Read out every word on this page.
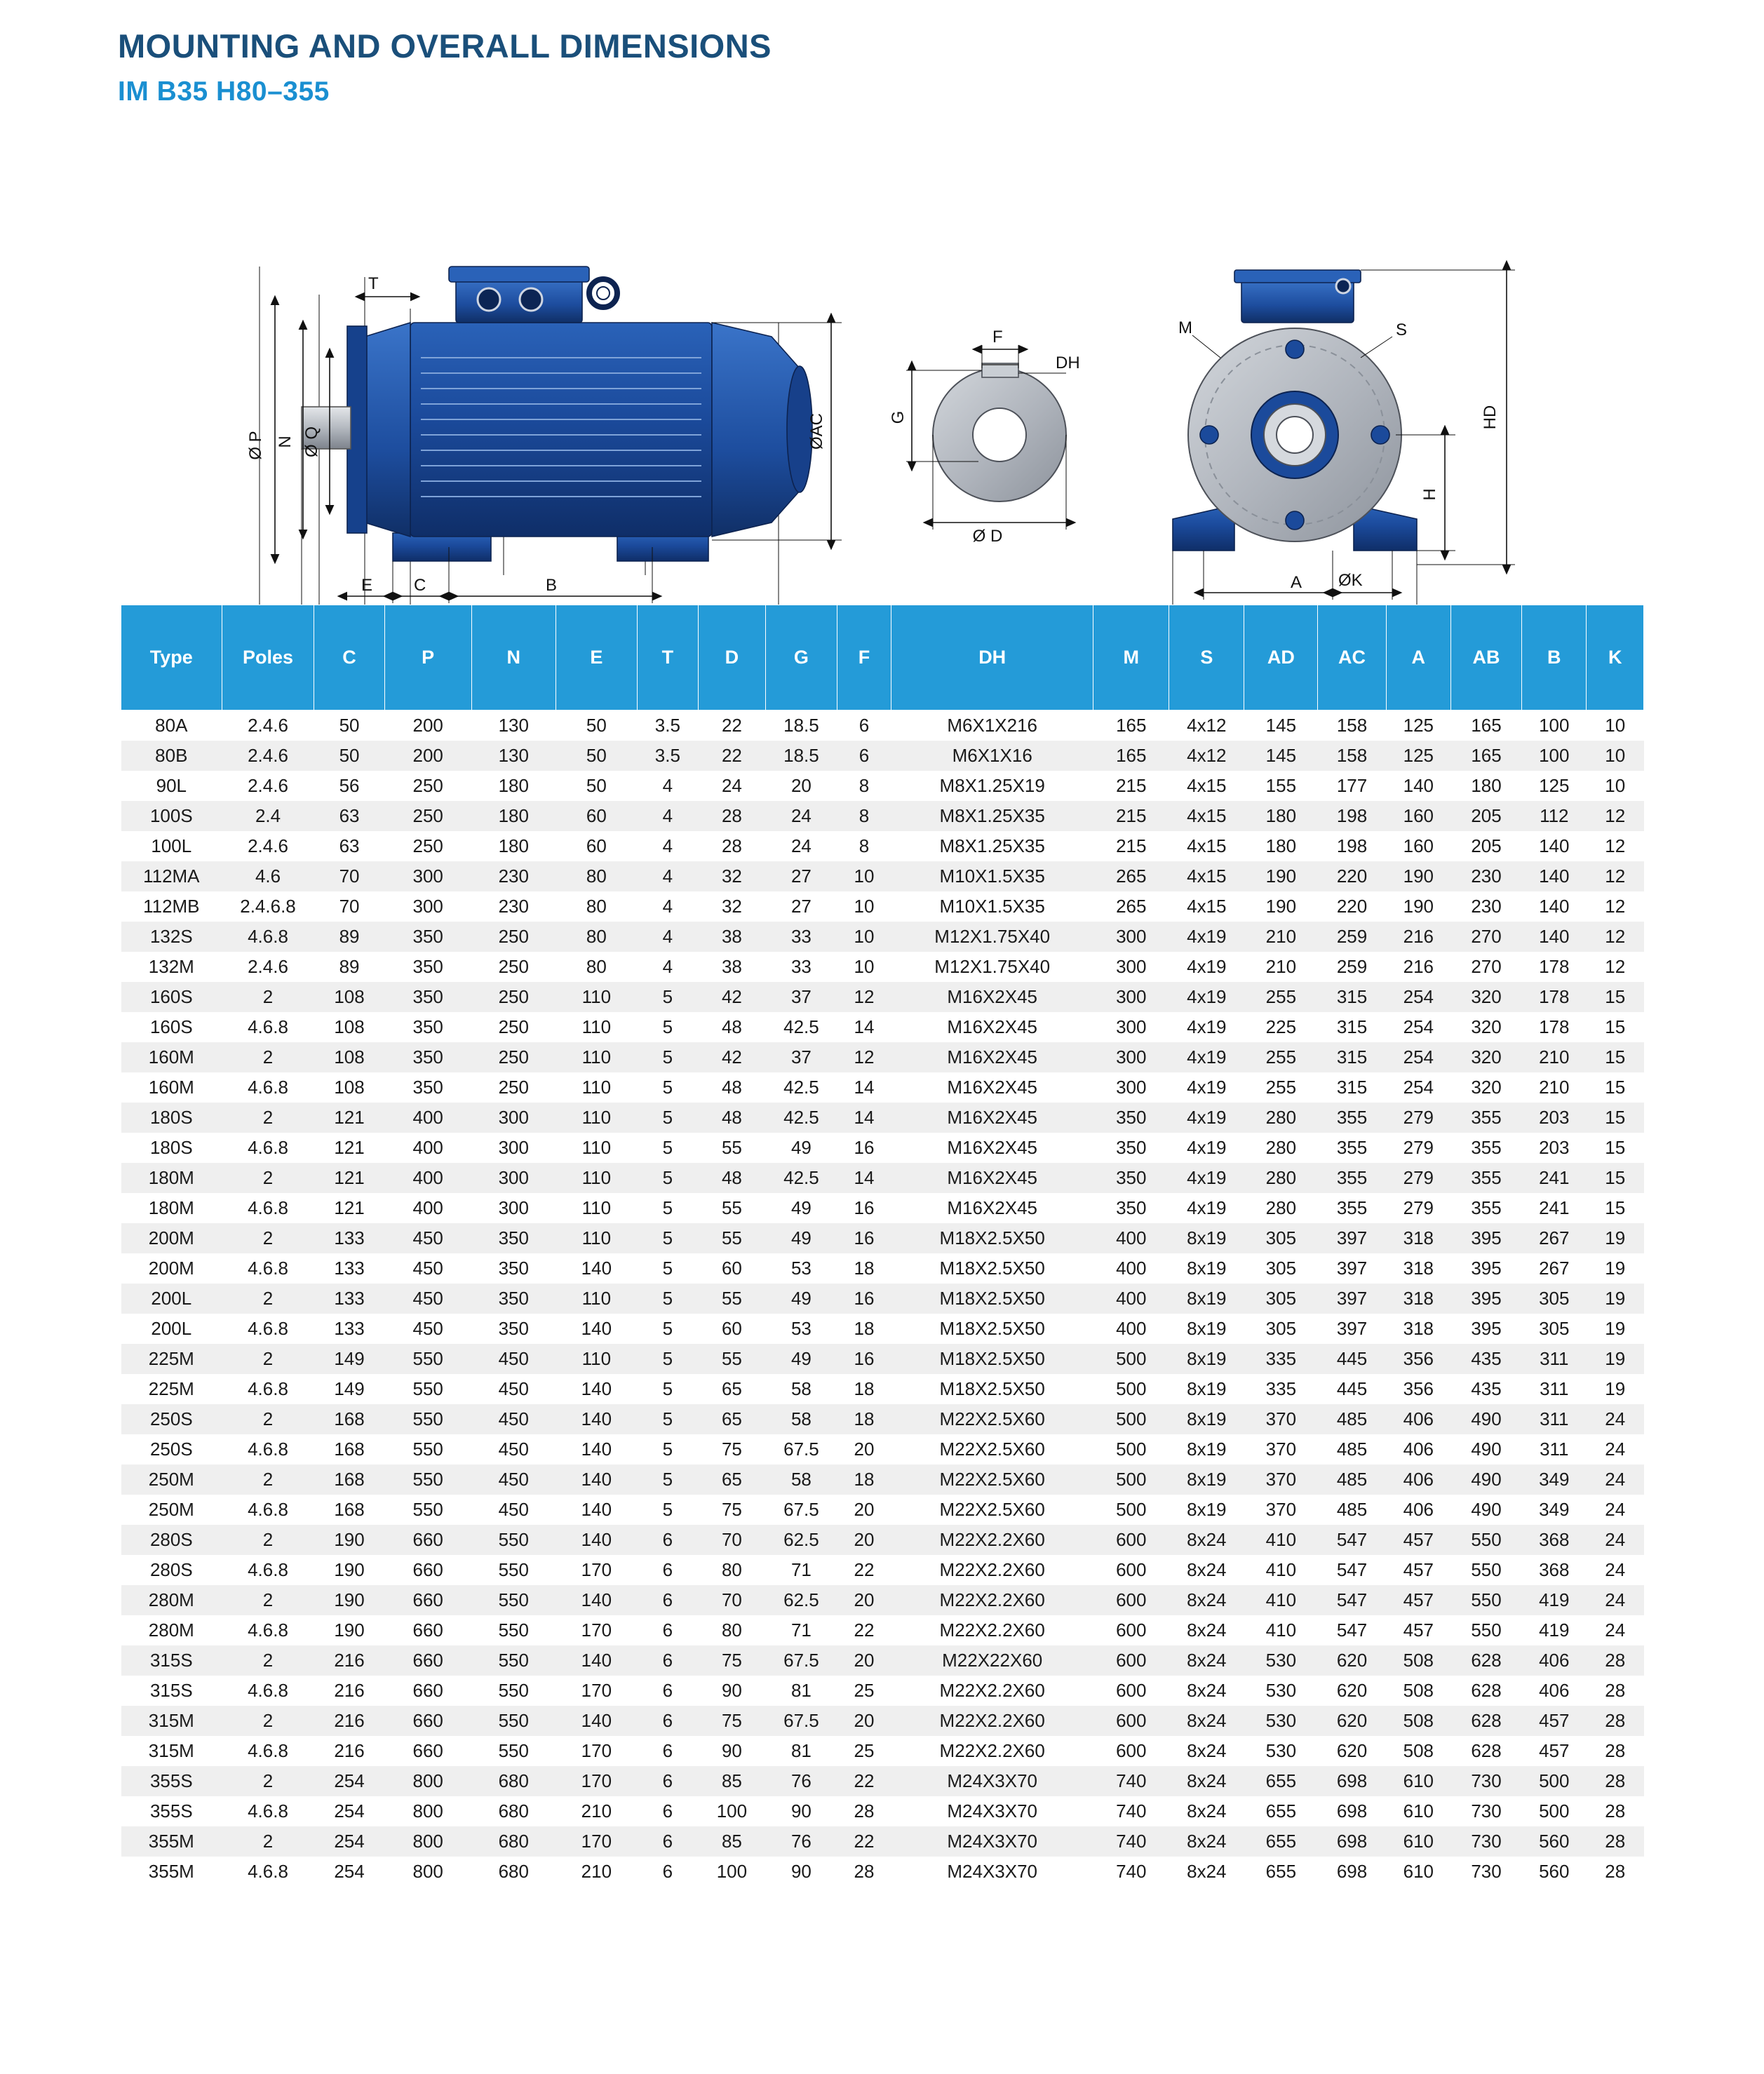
MOUNTING AND OVERALL DIMENSIONS
IM B35 H80–355
T
Ø P N Ø Q	ØAC
E C	B
F
DH
G
Ø D
M	S
HD
H
A ØK
Type	Poles	C	P	N	E	T	D	G	F	DH	M	S	AD	AC	A	AB	B	K
80A	2.4.6	50	200	130	50	3.5	22	18.5	6	M6X1X216	165	4x12	145	158	125	165	100	10
80B	2.4.6	50	200	130	50	3.5	22	18.5	6	M6X1X16	165	4x12	145	158	125	165	100	10
90L	2.4.6	56	250	180	50	4	24	20	8	M8X1.25X19	215	4x15	155	177	140	180	125	10
100S	2.4	63	250	180	60	4	28	24	8	M8X1.25X35	215	4x15	180	198	160	205	112	12
100L	2.4.6	63	250	180	60	4	28	24	8	M8X1.25X35	215	4x15	180	198	160	205	140	12
112MA	4.6	70	300	230	80	4	32	27	10	M10X1.5X35	265	4x15	190	220	190	230	140	12
112MB	2.4.6.8	70	300	230	80	4	32	27	10	M10X1.5X35	265	4x15	190	220	190	230	140	12
132S	4.6.8	89	350	250	80	4	38	33	10	M12X1.75X40	300	4x19	210	259	216	270	140	12
132M	2.4.6	89	350	250	80	4	38	33	10	M12X1.75X40	300	4x19	210	259	216	270	178	12
160S	2	108	350	250	110	5	42	37	12	M16X2X45	300	4x19	255	315	254	320	178	15
160S	4.6.8	108	350	250	110	5	48	42.5	14	M16X2X45	300	4x19	225	315	254	320	178	15
160M	2	108	350	250	110	5	42	37	12	M16X2X45	300	4x19	255	315	254	320	210	15
160M	4.6.8	108	350	250	110	5	48	42.5	14	M16X2X45	300	4x19	255	315	254	320	210	15
180S	2	121	400	300	110	5	48	42.5	14	M16X2X45	350	4x19	280	355	279	355	203	15
180S	4.6.8	121	400	300	110	5	55	49	16	M16X2X45	350	4x19	280	355	279	355	203	15
180M	2	121	400	300	110	5	48	42.5	14	M16X2X45	350	4x19	280	355	279	355	241	15
180M	4.6.8	121	400	300	110	5	55	49	16	M16X2X45	350	4x19	280	355	279	355	241	15
200M	2	133	450	350	110	5	55	49	16	M18X2.5X50	400	8x19	305	397	318	395	267	19
200M	4.6.8	133	450	350	140	5	60	53	18	M18X2.5X50	400	8x19	305	397	318	395	267	19
200L	2	133	450	350	110	5	55	49	16	M18X2.5X50	400	8x19	305	397	318	395	305	19
200L	4.6.8	133	450	350	140	5	60	53	18	M18X2.5X50	400	8x19	305	397	318	395	305	19
225M	2	149	550	450	110	5	55	49	16	M18X2.5X50	500	8x19	335	445	356	435	311	19
225M	4.6.8	149	550	450	140	5	65	58	18	M18X2.5X50	500	8x19	335	445	356	435	311	19
250S	2	168	550	450	140	5	65	58	18	M22X2.5X60	500	8x19	370	485	406	490	311	24
250S	4.6.8	168	550	450	140	5	75	67.5	20	M22X2.5X60	500	8x19	370	485	406	490	311	24
250M	2	168	550	450	140	5	65	58	18	M22X2.5X60	500	8x19	370	485	406	490	349	24
250M	4.6.8	168	550	450	140	5	75	67.5	20	M22X2.5X60	500	8x19	370	485	406	490	349	24
280S	2	190	660	550	140	6	70	62.5	20	M22X2.2X60	600	8x24	410	547	457	550	368	24
280S	4.6.8	190	660	550	170	6	80	71	22	M22X2.2X60	600	8x24	410	547	457	550	368	24
280M	2	190	660	550	140	6	70	62.5	20	M22X2.2X60	600	8x24	410	547	457	550	419	24
280M	4.6.8	190	660	550	170	6	80	71	22	M22X2.2X60	600	8x24	410	547	457	550	419	24
315S	2	216	660	550	140	6	75	67.5	20	M22X22X60	600	8x24	530	620	508	628	406	28
315S	4.6.8	216	660	550	170	6	90	81	25	M22X2.2X60	600	8x24	530	620	508	628	406	28
315M	2	216	660	550	140	6	75	67.5	20	M22X2.2X60	600	8x24	530	620	508	628	457	28
315M	4.6.8	216	660	550	170	6	90	81	25	M22X2.2X60	600	8x24	530	620	508	628	457	28
355S	2	254	800	680	170	6	85	76	22	M24X3X70	740	8x24	655	698	610	730	500	28
355S	4.6.8	254	800	680	210	6	100	90	28	M24X3X70	740	8x24	655	698	610	730	500	28
355M	2	254	800	680	170	6	85	76	22	M24X3X70	740	8x24	655	698	610	730	560	28
355M	4.6.8	254	800	680	210	6	100	90	28	M24X3X70	740	8x24	655	698	610	730	560	28
